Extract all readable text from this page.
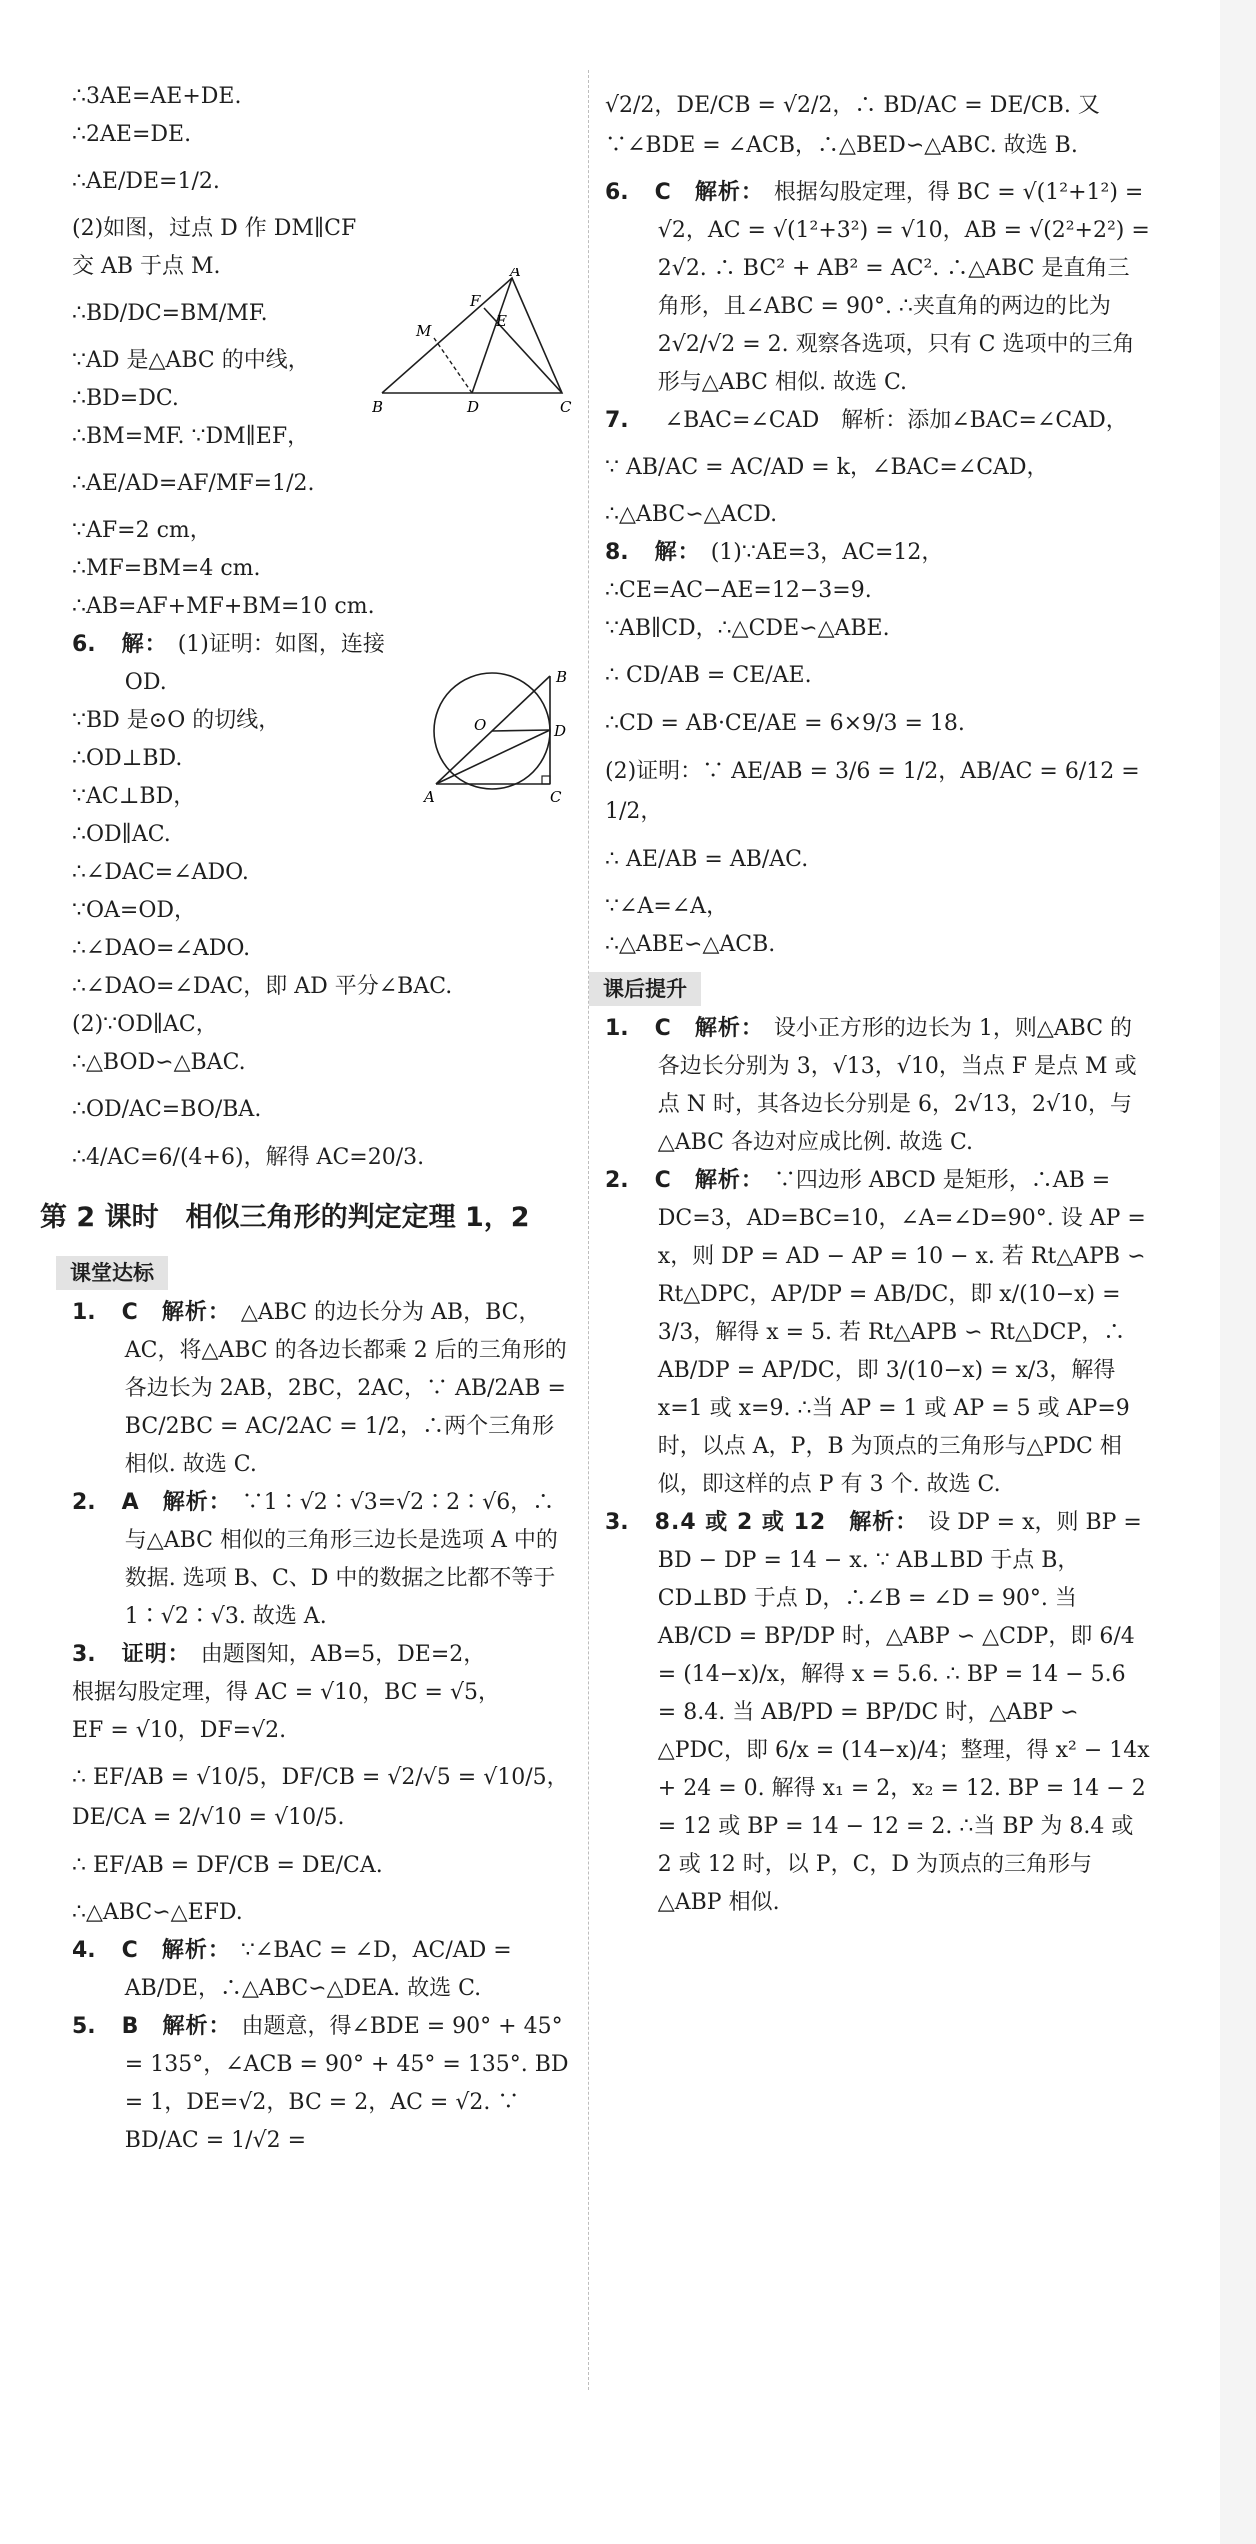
B	D	C
A
F
E
M

∴3AE=AE+DE.

∴2AE=DE.

∴AE/DE=1/2.

(2)如图，过点 D 作 DM∥CF 交 AB 于点 M.

∴BD/DC=BM/MF.

∵AD 是△ABC 的中线，

∴BD=DC.

∴BM=MF. ∵DM∥EF，

∴AE/AD=AF/MF=1/2.

∵AF=2 cm，

∴MF=BM=4 cm.

∴AB=AF+MF+BM=10 cm.

B
D
C
A
O

6. 解： (1)证明：如图，连接 OD.

∵BD 是⊙O 的切线，

∴OD⊥BD.

∵AC⊥BD，

∴OD∥AC.

∴∠DAC=∠ADO.

∵OA=OD，

∴∠DAO=∠ADO.

∴∠DAO=∠DAC，即 AD 平分∠BAC.

(2)∵OD∥AC，

∴△BOD∽△BAC.

∴OD/AC=BO/BA.

∴4/AC=6/(4+6)，解得 AC=20/3.

第 2 课时　相似三角形的判定定理 1，2
课堂达标

1. C　解析： △ABC 的边长分为 AB，BC，AC，将△ABC 的各边长都乘 2 后的三角形的各边长为 2AB，2BC，2AC，∵ AB/2AB = BC/2BC = AC/2AC = 1/2，∴两个三角形相似. 故选 C.

2. A　解析： ∵1∶√2∶√3=√2∶2∶√6，∴与△ABC 相似的三角形三边长是选项 A 中的数据. 选项 B、C、D 中的数据之比都不等于 1∶√2∶√3. 故选 A.

3. 证明： 由题图知，AB=5，DE=2，

根据勾股定理，得 AC = √10，BC = √5，

EF = √10，DF=√2.

∴ EF/AB = √10/5，DF/CB = √2/√5 = √10/5，DE/CA = 2/√10 = √10/5.

∴ EF/AB = DF/CB = DE/CA.

∴△ABC∽△EFD.

4. C　解析： ∵∠BAC = ∠D，AC/AD = AB/DE，∴△ABC∽△DEA. 故选 C.

5. B　解析： 由题意，得∠BDE = 90° + 45° = 135°，∠ACB = 90° + 45° = 135°. BD = 1，DE=√2，BC = 2，AC = √2. ∵ BD/AC = 1/√2 =

√2/2，DE/CB = √2/2，∴ BD/AC = DE/CB. 又∵∠BDE = ∠ACB，∴△BED∽△ABC. 故选 B.

6. C　解析： 根据勾股定理，得 BC = √(1²+1²) = √2，AC = √(1²+3²) = √10，AB = √(2²+2²) = 2√2. ∴ BC² + AB² = AC². ∴△ABC 是直角三角形，且∠ABC = 90°. ∴夹直角的两边的比为 2√2/√2 = 2. 观察各选项，只有 C 选项中的三角形与△ABC 相似. 故选 C.

7. ∠BAC=∠CAD　解析：添加∠BAC=∠CAD，

∵ AB/AC = AC/AD = k，∠BAC=∠CAD，

∴△ABC∽△ACD.

8. 解： (1)∵AE=3，AC=12，

∴CE=AC−AE=12−3=9.

∵AB∥CD，∴△CDE∽△ABE.

∴ CD/AB = CE/AE.

∴CD = AB·CE/AE = 6×9/3 = 18.

(2)证明：∵ AE/AB = 3/6 = 1/2，AB/AC = 6/12 = 1/2，

∴ AE/AB = AB/AC.

∵∠A=∠A，

∴△ABE∽△ACB.

课后提升

1. C　解析： 设小正方形的边长为 1，则△ABC 的各边长分别为 3，√13，√10，当点 F 是点 M 或点 N 时，其各边长分别是 6，2√13，2√10，与△ABC 各边对应成比例. 故选 C.

2. C　解析： ∵四边形 ABCD 是矩形，∴AB = DC=3，AD=BC=10，∠A=∠D=90°. 设 AP = x，则 DP = AD − AP = 10 − x. 若 Rt△APB ∽ Rt△DPC，AP/DP = AB/DC，即 x/(10−x) = 3/3，解得 x = 5. 若 Rt△APB ∽ Rt△DCP，∴ AB/DP = AP/DC，即 3/(10−x) = x/3，解得 x=1 或 x=9. ∴当 AP = 1 或 AP = 5 或 AP=9 时，以点 A，P，B 为顶点的三角形与△PDC 相似，即这样的点 P 有 3 个. 故选 C.

3. 8.4 或 2 或 12　解析： 设 DP = x，则 BP = BD − DP = 14 − x. ∵ AB⊥BD 于点 B，CD⊥BD 于点 D，∴∠B = ∠D = 90°. 当 AB/CD = BP/DP 时，△ABP ∽ △CDP，即 6/4 = (14−x)/x，解得 x = 5.6. ∴ BP = 14 − 5.6 = 8.4. 当 AB/PD = BP/DC 时，△ABP ∽ △PDC，即 6/x = (14−x)/4；整理，得 x² − 14x + 24 = 0. 解得 x₁ = 2，x₂ = 12. BP = 14 − 2 = 12 或 BP = 14 − 12 = 2. ∴当 BP 为 8.4 或 2 或 12 时，以 P，C，D 为顶点的三角形与△ABP 相似.
